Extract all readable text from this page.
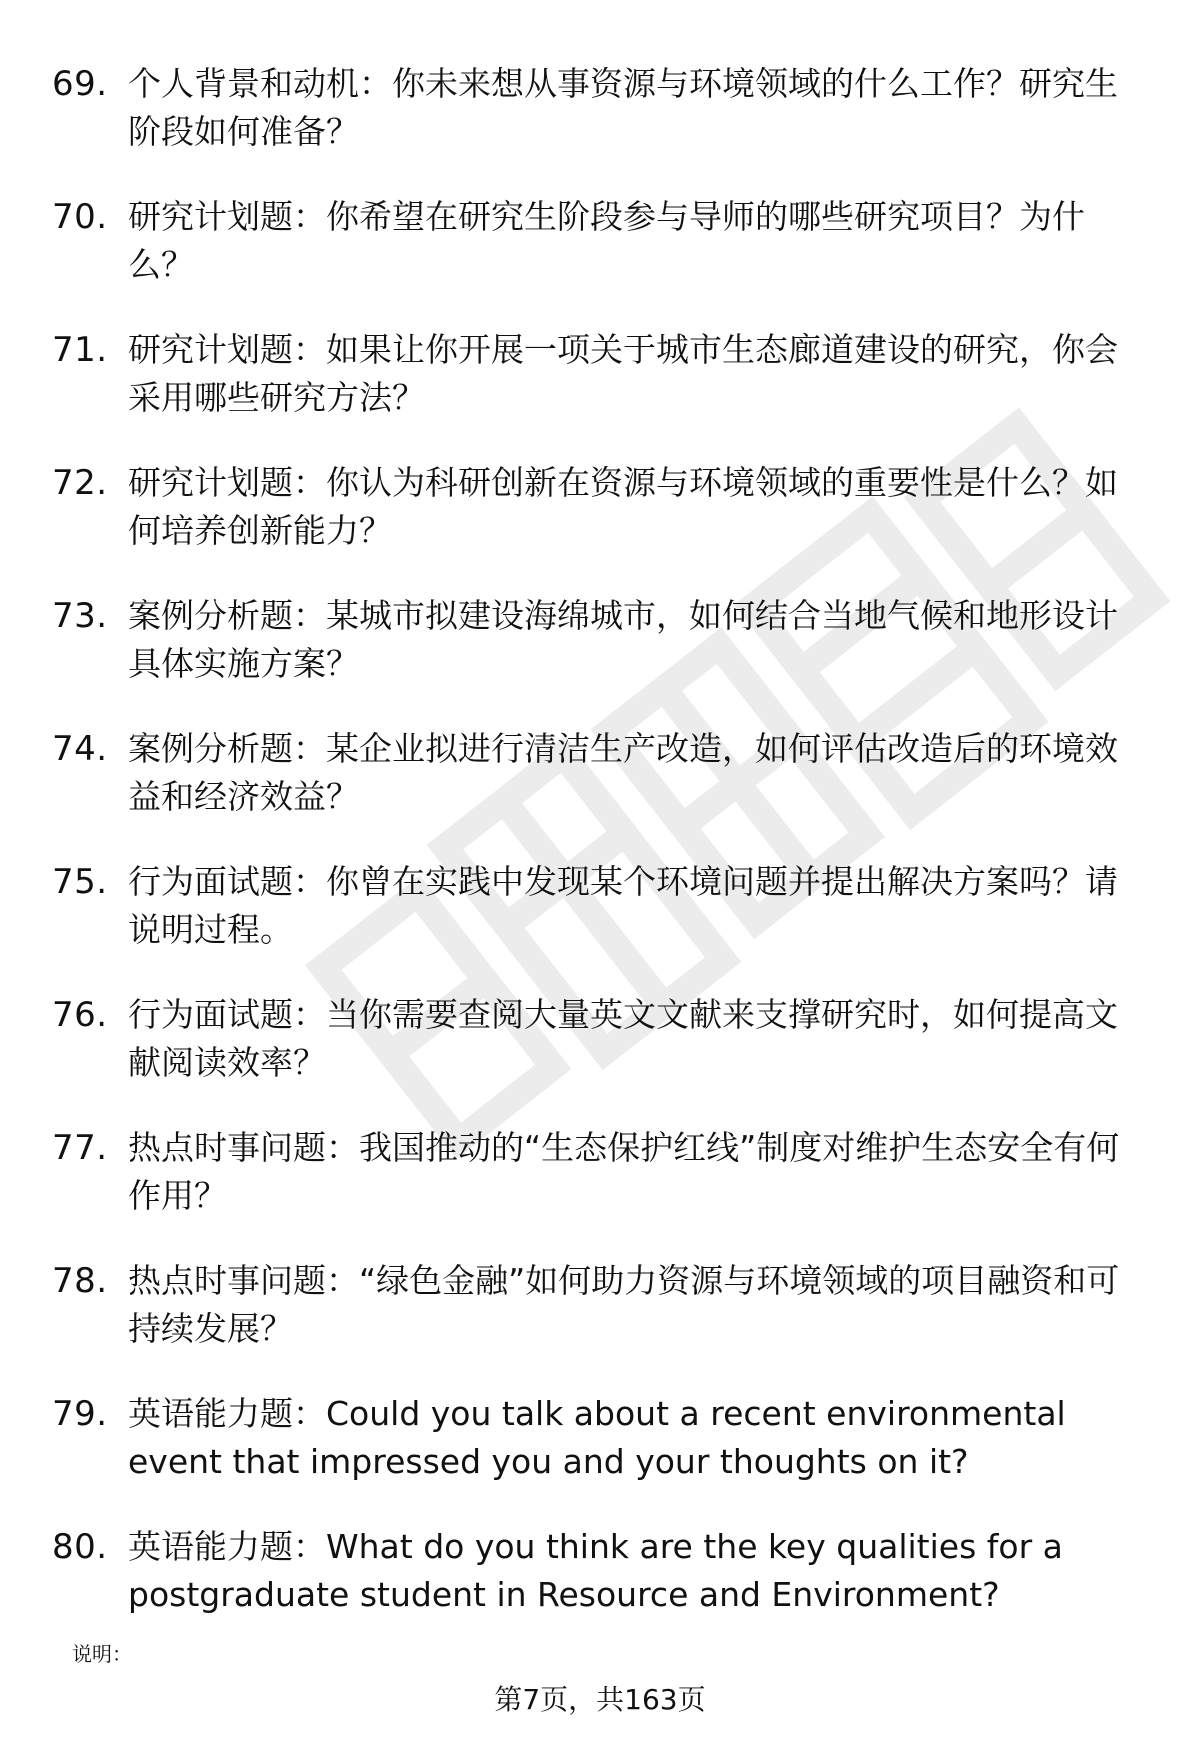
69. 个人背景和动机：你未来想从事资源与环境领域的什么工作？研究生阶段如何准备？
70. 研究计划题：你希望在研究生阶段参与导师的哪些研究项目？为什么？
71. 研究计划题：如果让你开展一项关于城市生态廊道建设的研究，你会采用哪些研究方法？
72. 研究计划题：你认为科研创新在资源与环境领域的重要性是什么？如何培养创新能力？
73. 案例分析题：某城市拟建设海绵城市，如何结合当地气候和地形设计具体实施方案？
74. 案例分析题：某企业拟进行清洁生产改造，如何评估改造后的环境效益和经济效益？
75. 行为面试题：你曾在实践中发现某个环境问题并提出解决方案吗？请说明过程。
76. 行为面试题：当你需要查阅大量英文文献来支撑研究时，如何提高文献阅读效率？
77. 热点时事问题：我国推动的“生态保护红线”制度对维护生态安全有何作用？
78. 热点时事问题：“绿色金融”如何助力资源与环境领域的项目融资和可持续发展？
79. 英语能力题：Could you talk about a recent environmental event that impressed you and your thoughts on it?
80. 英语能力题：What do you think are the key qualities for a postgraduate student in Resource and Environment?
说明：
第7页，共163页
